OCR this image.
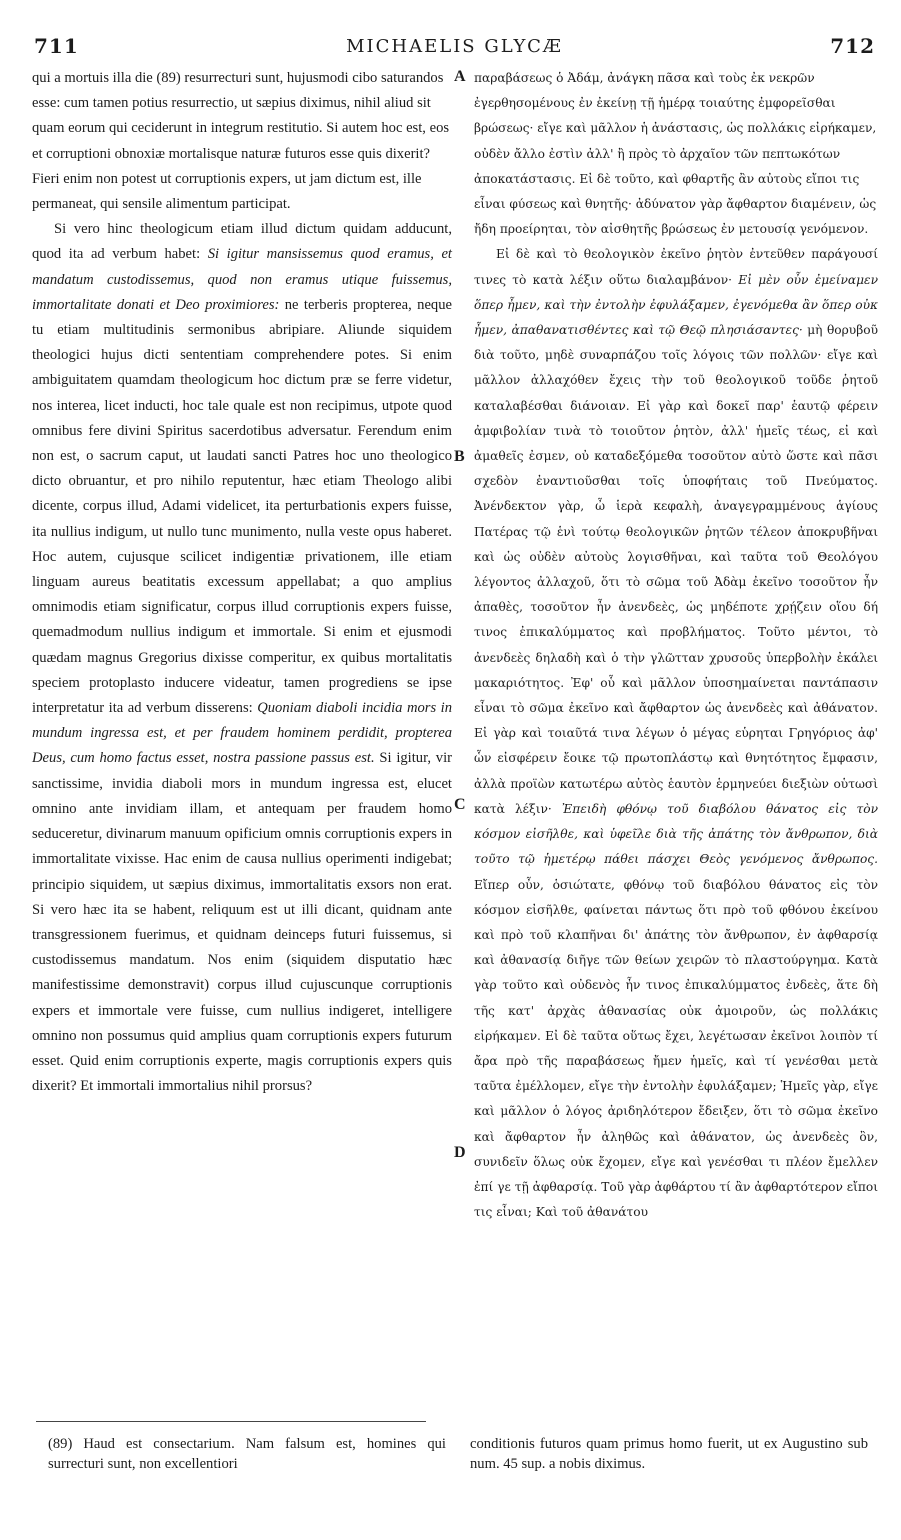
711	MICHAELIS GLYCÆ	712

qui a mortuis illa die (89) resurrecturi sunt, hujusmodi cibo saturandos esse: cum tamen potius resurrectio, ut sæpius diximus, nihil aliud sit quam eorum qui ceciderunt in integrum restitutio. Si autem hoc est, eos et corruptioni obnoxiæ mortalisque naturæ futuros esse quis dixerit? Fieri enim non potest ut corruptionis expers, ut jam dictum est, ille permaneat, qui sensile alimentum participat.

Si vero hinc theologicum etiam illud dictum quidam adducunt, quod ita ad verbum habet: Si igitur mansissemus quod eramus, et mandatum custodissemus, quod non eramus utique fuissemus, immortalitate donati et Deo proximiores: ne terberis propterea, neque tu etiam multitudinis sermonibus abripiare. Aliunde siquidem theologici hujus dicti sententiam comprehendere potes. Si enim ambiguitatem quamdam theologicum hoc dictum præ se ferre videtur, nos interea, licet inducti, hoc tale quale est non recipimus, utpote quod omnibus fere divini Spiritus sacerdotibus adversatur. Ferendum enim non est, o sacrum caput, ut laudati sancti Patres hoc uno theologico dicto obruantur, et pro nihilo reputentur, hæc etiam Theologo alibi dicente, corpus illud, Adami videlicet, ita perturbationis expers fuisse, ita nullius indigum, ut nullo tunc munimento, nulla veste opus haberet. Hoc autem, cujusque scilicet indigentiæ privationem, ille etiam linguam aureus beatitatis excessum appellabat; a quo amplius omnimodis etiam significatur, corpus illud corruptionis expers fuisse, quemadmodum nullius indigum et immortale. Si enim et ejusmodi quædam magnus Gregorius dixisse comperitur, ex quibus mortalitatis speciem protoplasto inducere videatur, tamen progrediens se ipse interpretatur ita ad verbum disserens: Quoniam diaboli incidia mors in mundum ingressa est, et per fraudem hominem perdidit, propterea Deus, cum homo factus esset, nostra passione passus est. Si igitur, vir sanctissime, invidia diaboli mors in mundum ingressa est, elucet omnino ante invidiam illam, et antequam per fraudem homo seduceretur, divinarum manuum opificium omnis corruptionis expers in immortalitate vixisse. Hac enim de causa nullius operimenti indigebat; principio siquidem, ut sæpius diximus, immortalitatis exsors non erat. Si vero hæc ita se habent, reliquum est ut illi dicant, quidnam ante transgressionem fuerimus, et quidnam deinceps futuri fuissemus, si custodissemus mandatum. Nos enim (siquidem disputatio hæc manifestissime demonstravit) corpus illud cujuscunque corruptionis expers et immortale vere fuisse, cum nullius indigeret, intelligere omnino non possumus quid amplius quam corruptionis expers futurum esset. Quid enim corruptionis experte, magis corruptionis expers quis dixerit? Et immortali immortalius nihil prorsus?

A
B
C
D

παραβάσεως ὁ Ἀδάμ, ἀνάγκη πᾶσα καὶ τοὺς ἐκ νεκρῶν ἐγερθησομένους ἐν ἐκείνῃ τῇ ἡμέρᾳ τοιαύτης ἐμφορεῖσθαι βρώσεως· εἴγε καὶ μᾶλλον ἡ ἀνάστασις, ὡς πολλάκις εἰρήκαμεν, οὐδὲν ἄλλο ἐστὶν ἀλλ' ἢ πρὸς τὸ ἀρχαῖον τῶν πεπτωκότων ἀποκατάστασις. Εἰ δὲ τοῦτο, καὶ φθαρτῆς ἂν αὐτοὺς εἴποι τις εἶναι φύσεως καὶ θνητῆς· ἀδύνατον γὰρ ἄφθαρτον διαμένειν, ὡς ἤδη προείρηται, τὸν αἰσθητῆς βρώσεως ἐν μετουσίᾳ γενόμενον.

Εἰ δὲ καὶ τὸ θεολογικὸν ἐκεῖνο ῥητὸν ἐντεῦθεν παράγουσί τινες τὸ κατὰ λέξιν οὕτω διαλαμβάνον· Εἰ μὲν οὖν ἐμείναμεν ὅπερ ἦμεν, καὶ τὴν ἐντολὴν ἐφυλάξαμεν, ἐγενόμεθα ἂν ὅπερ οὐκ ἦμεν, ἀπαθανατισθέντες καὶ τῷ Θεῷ πλησιάσαντες· μὴ θορυβοῦ διὰ τοῦτο, μηδὲ συναρπάζου τοῖς λόγοις τῶν πολλῶν· εἴγε καὶ μᾶλλον ἀλλαχόθεν ἔχεις τὴν τοῦ θεολογικοῦ τοῦδε ῥητοῦ καταλαβέσθαι διάνοιαν. Εἰ γὰρ καὶ δοκεῖ παρ' ἑαυτῷ φέρειν ἀμφιβολίαν τινὰ τὸ τοιοῦτον ῥητὸν, ἀλλ' ἡμεῖς τέως, εἰ καὶ ἀμαθεῖς ἐσμεν, οὐ καταδεξόμεθα τοσοῦτον αὐτὸ ὥστε καὶ πᾶσι σχεδὸν ἐναντιοῦσθαι τοῖς ὑποφήταις τοῦ Πνεύματος. Ἀνένδεκτον γὰρ, ὦ ἱερὰ κεφαλὴ, ἀναγεγραμμένους ἁγίους Πατέρας τῷ ἑνὶ τούτῳ θεολογικῶν ῥητῶν τέλεον ἀποκρυβῆναι καὶ ὡς οὐδὲν αὐτοὺς λογισθῆναι, καὶ ταῦτα τοῦ Θεολόγου λέγοντος ἀλλαχοῦ, ὅτι τὸ σῶμα τοῦ Ἀδὰμ ἐκεῖνο τοσοῦτον ἦν ἀπαθὲς, τοσοῦτον ἦν ἀνενδεὲς, ὡς μηδέποτε χρῄζειν οἵου δή τινος ἐπικαλύμματος καὶ προβλήματος. Τοῦτο μέντοι, τὸ ἀνενδεὲς δηλαδὴ καὶ ὁ τὴν γλῶτταν χρυσοῦς ὑπερβολὴν ἐκάλει μακαριότητος. Ἐφ' οὗ καὶ μᾶλλον ὑποσημαίνεται παντάπασιν εἶναι τὸ σῶμα ἐκεῖνο καὶ ἄφθαρτον ὡς ἀνενδεὲς καὶ ἀθάνατον. Εἰ γὰρ καὶ τοιαῦτά τινα λέγων ὁ μέγας εὑρηται Γρηγόριος ἀφ' ὧν εἰσφέρειν ἔοικε τῷ πρωτοπλάστῳ καὶ θνητότητος ἔμφασιν, ἀλλὰ προϊὼν κατωτέρω αὐτὸς ἑαυτὸν ἑρμηνεύει διεξιὼν οὑτωσὶ κατὰ λέξιν· Ἐπειδὴ φθόνῳ τοῦ διαβόλου θάνατος εἰς τὸν κόσμον εἰσῆλθε, καὶ ὑφεῖλε διὰ τῆς ἀπάτης τὸν ἄνθρωπον, διὰ τοῦτο τῷ ἡμετέρῳ πάθει πάσχει Θεὸς γενόμενος ἄνθρωπος. Εἴπερ οὖν, ὁσιώτατε, φθόνῳ τοῦ διαβόλου θάνατος εἰς τὸν κόσμον εἰσῆλθε, φαίνεται πάντως ὅτι πρὸ τοῦ φθόνου ἐκείνου καὶ πρὸ τοῦ κλαπῆναι δι' ἀπάτης τὸν ἄνθρωπον, ἐν ἀφθαρσίᾳ καὶ ἀθανασίᾳ διῆγε τῶν θείων χειρῶν τὸ πλαστούργημα. Κατὰ γὰρ τοῦτο καὶ οὐδενὸς ἦν τινος ἐπικαλύμματος ἐνδεὲς, ἅτε δὴ τῆς κατ' ἀρχὰς ἀθανασίας οὐκ ἀμοιροῦν, ὡς πολλάκις εἰρήκαμεν. Εἰ δὲ ταῦτα οὕτως ἔχει, λεγέτωσαν ἐκεῖνοι λοιπὸν τί ἄρα πρὸ τῆς παραβάσεως ἤμεν ἡμεῖς, καὶ τί γενέσθαι μετὰ ταῦτα ἐμέλλομεν, εἴγε τὴν ἐντολὴν ἐφυλάξαμεν; Ἡμεῖς γὰρ, εἴγε καὶ μᾶλλον ὁ λόγος ἀριδηλότερον ἔδειξεν, ὅτι τὸ σῶμα ἐκεῖνο καὶ ἄφθαρτον ἦν ἀληθῶς καὶ ἀθάνατον, ὡς ἀνενδεὲς ὂν, συνιδεῖν ὅλως οὐκ ἔχομεν, εἴγε καὶ γενέσθαι τι πλέον ἔμελλεν ἐπί γε τῇ ἀφθαρσίᾳ. Τοῦ γὰρ ἀφθάρτου τί ἂν ἀφθαρτότερον εἴποι τις εἶναι; Καὶ τοῦ ἀθανάτου

(89) Haud est consectarium. Nam falsum est, homines qui surrecturi sunt, non excellentiori
conditionis futuros quam primus homo fuerit, ut ex Augustino sub num. 45 sup. a nobis diximus.
